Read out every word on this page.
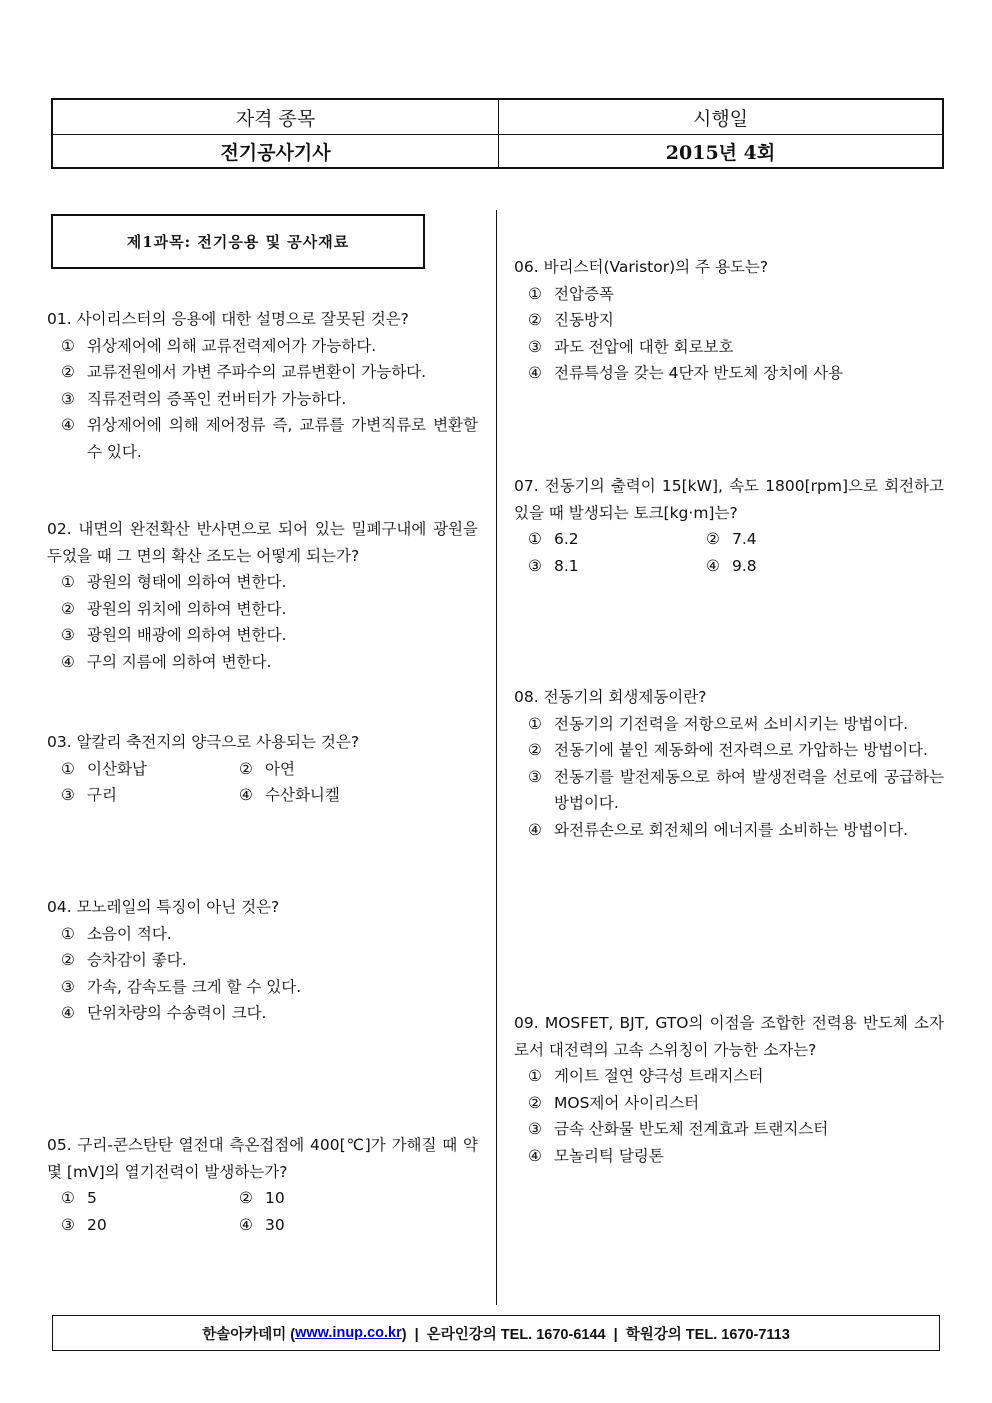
자격 종목	시행일
전기공사기사	2015년 4회
제1과목: 전기응용 및 공사재료
01. 사이리스터의 응용에 대한 설명으로 잘못된 것은?
① 위상제어에 의해 교류전력제어가 가능하다.
② 교류전원에서 가변 주파수의 교류변환이 가능하다.
③ 직류전력의 증폭인 컨버터가 가능하다.
④ 위상제어에 의해 제어정류 즉, 교류를 가변직류로 변환할 수 있다.
02. 내면의 완전확산 반사면으로 되어 있는 밀폐구내에 광원을 두었을 때 그 면의 확산 조도는 어떻게 되는가?
① 광원의 형태에 의하여 변한다.
② 광원의 위치에 의하여 변한다.
③ 광원의 배광에 의하여 변한다.
④ 구의 지름에 의하여 변한다.
03. 알칼리 축전지의 양극으로 사용되는 것은?
① 이산화납	② 아연
③ 구리	④ 수산화니켈
04. 모노레일의 특징이 아닌 것은?
① 소음이 적다.
② 승차감이 좋다.
③ 가속, 감속도를 크게 할 수 있다.
④ 단위차량의 수송력이 크다.
05. 구리-콘스탄탄 열전대 측온접점에 400[℃]가 가해질 때 약 몇 [mV]의 열기전력이 발생하는가?
① 5	② 10
③ 20	④ 30
06. 바리스터(Varistor)의 주 용도는?
① 전압증폭
② 진동방지
③ 과도 전압에 대한 회로보호
④ 전류특성을 갖는 4단자 반도체 장치에 사용
07. 전동기의 출력이 15[kW], 속도 1800[rpm]으로 회전하고 있을 때 발생되는 토크[kg·m]는?
① 6.2	② 7.4
③ 8.1	④ 9.8
08. 전동기의 회생제동이란?
① 전동기의 기전력을 저항으로써 소비시키는 방법이다.
② 전동기에 붙인 제동화에 전자력으로 가압하는 방법이다.
③ 전동기를 발전제동으로 하여 발생전력을 선로에 공급하는 방법이다.
④ 와전류손으로 회전체의 에너지를 소비하는 방법이다.
09. MOSFET, BJT, GTO의 이점을 조합한 전력용 반도체 소자로서 대전력의 고속 스위칭이 가능한 소자는?
① 게이트 절연 양극성 트래지스터
② MOS제어 사이리스터
③ 금속 산화물 반도체 전계효과 트랜지스터
④ 모놀리틱 달링톤
한솔아카데미 ( www.inup.co.kr )  |  온라인강의 TEL. 1670-6144  |  학원강의 TEL. 1670-7113
